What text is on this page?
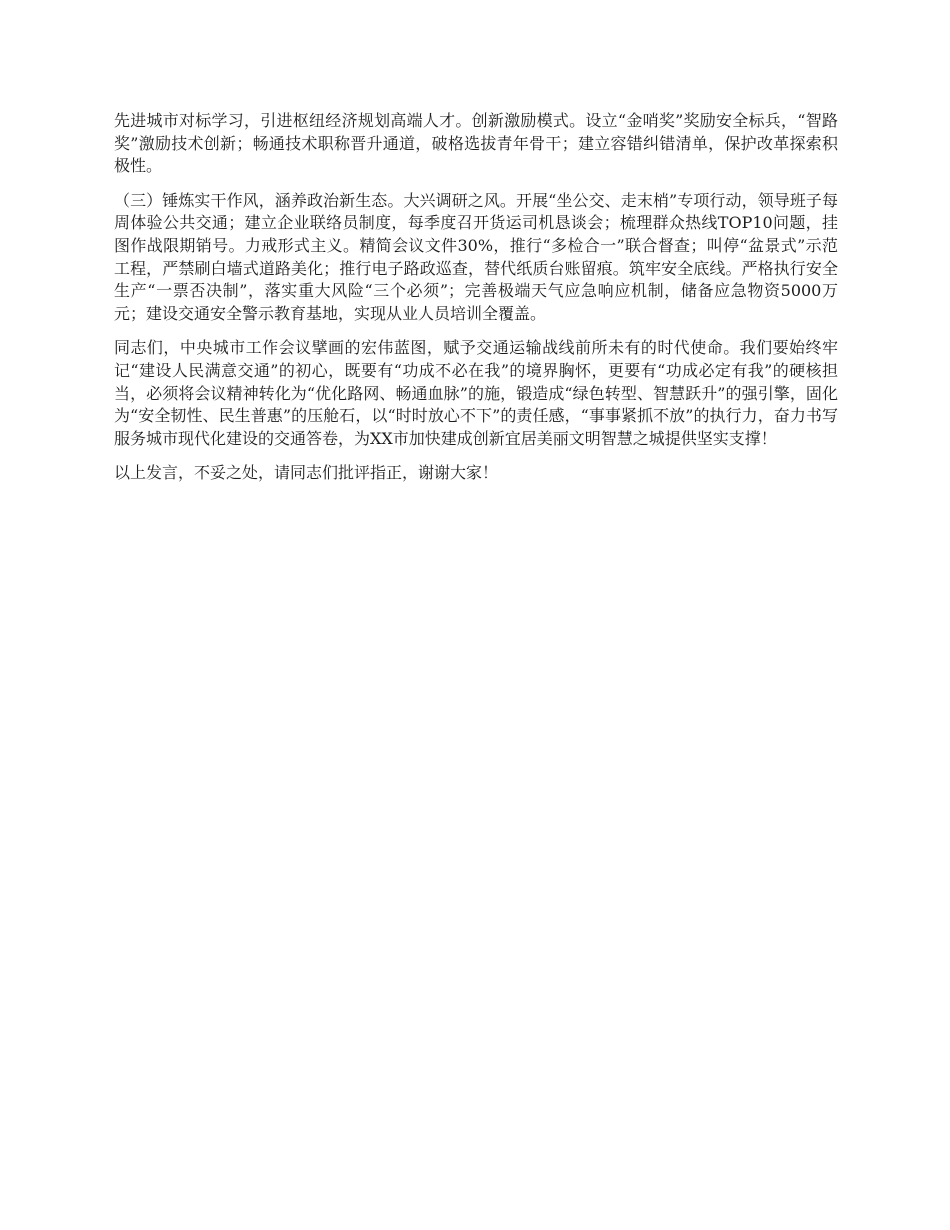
先进城市对标学习，引进枢纽经济规划高端人才。创新激励模式。设立“金哨奖”奖励安全标兵，“智路奖”激励技术创新；畅通技术职称晋升通道，破格选拔青年骨干；建立容错纠错清单，保护改革探索积极性。

（三）锤炼实干作风，涵养政治新生态。大兴调研之风。开展“坐公交、走末梢”专项行动，领导班子每周体验公共交通；建立企业联络员制度，每季度召开货运司机恳谈会；梳理群众热线TOP10问题，挂图作战限期销号。力戒形式主义。精简会议文件30%，推行“多检合一”联合督查；叫停“盆景式”示范工程，严禁刷白墙式道路美化；推行电子路政巡查，替代纸质台账留痕。筑牢安全底线。严格执行安全生产“一票否决制”，落实重大风险“三个必须”；完善极端天气应急响应机制，储备应急物资5000万元；建设交通安全警示教育基地，实现从业人员培训全覆盖。

同志们，中央城市工作会议擘画的宏伟蓝图，赋予交通运输战线前所未有的时代使命。我们要始终牢记“建设人民满意交通”的初心，既要有“功成不必在我”的境界胸怀，更要有“功成必定有我”的硬核担当，必须将会议精神转化为“优化路网、畅通血脉”的施，锻造成“绿色转型、智慧跃升”的强引擎，固化为“安全韧性、民生普惠”的压舱石，以“时时放心不下”的责任感，“事事紧抓不放”的执行力，奋力书写服务城市现代化建设的交通答卷，为XX市加快建成创新宜居美丽文明智慧之城提供坚实支撑！

以上发言，不妥之处，请同志们批评指正，谢谢大家！
